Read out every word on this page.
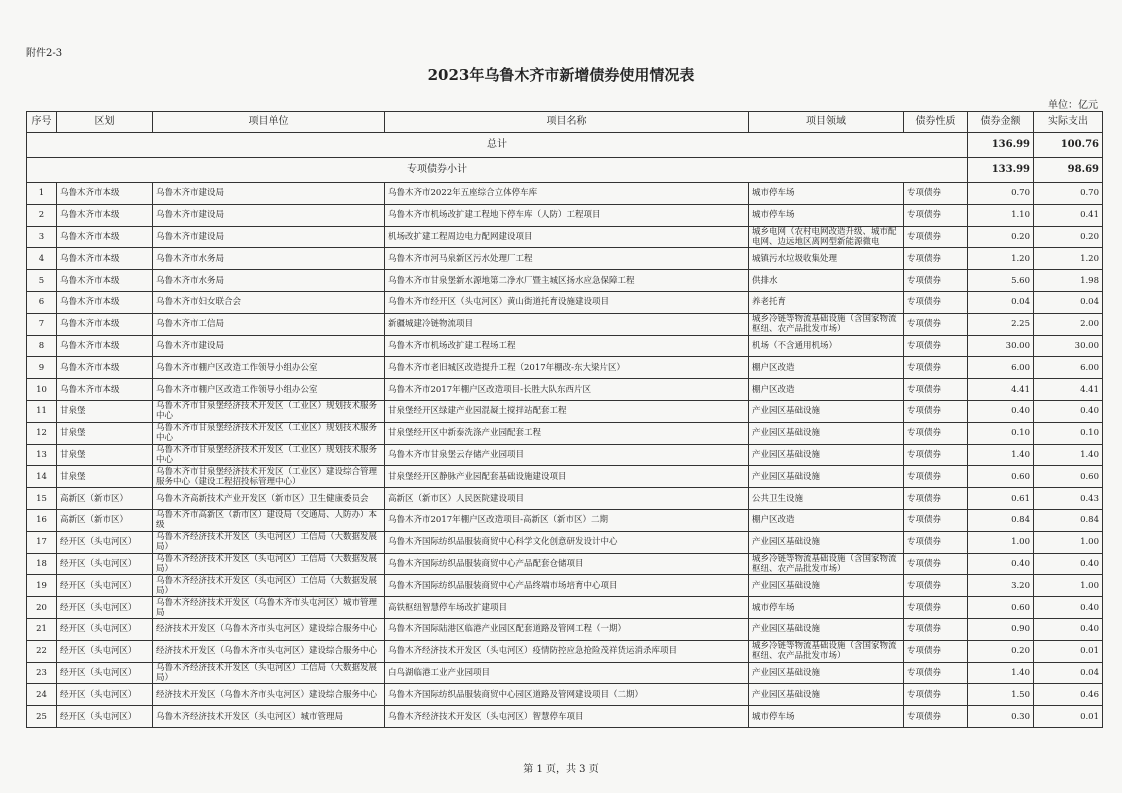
附件2-3
2023年乌鲁木齐市新增债券使用情况表
单位：亿元
序号	区划	项目单位	项目名称	项目领域	债券性质	债券金额	实际支出
总计						136.99	100.76
专项债券小计						133.99	98.69
1	乌鲁木齐市本级	乌鲁木齐市建设局	乌鲁木齐市2022年五座综合立体停车库	城市停车场	专项债券	0.70	0.70
2	乌鲁木齐市本级	乌鲁木齐市建设局	乌鲁木齐市机场改扩建工程地下停车库（人防）工程项目	城市停车场	专项债券	1.10	0.41
3	乌鲁木齐市本级	乌鲁木齐市建设局	机场改扩建工程周边电力配网建设项目	城乡电网（农村电网改造升级、城市配电网、边远地区离网型新能源微电	专项债券	0.20	0.20
4	乌鲁木齐市本级	乌鲁木齐市水务局	乌鲁木齐市河马泉新区污水处理厂工程	城镇污水垃圾收集处理	专项债券	1.20	1.20
5	乌鲁木齐市本级	乌鲁木齐市水务局	乌鲁木齐市甘泉堡新水源地第二净水厂暨主城区扬水应急保障工程	供排水	专项债券	5.60	1.98
6	乌鲁木齐市本级	乌鲁木齐市妇女联合会	乌鲁木齐市经开区（头屯河区）黄山街道托育设施建设项目	养老托育	专项债券	0.04	0.04
7	乌鲁木齐市本级	乌鲁木齐市工信局	新疆城建冷链物流项目	城乡冷链等物流基础设施（含国家物流枢纽、农产品批发市场）	专项债券	2.25	2.00
8	乌鲁木齐市本级	乌鲁木齐市建设局	乌鲁木齐市机场改扩建工程场工程	机场（不含通用机场）	专项债券	30.00	30.00
9	乌鲁木齐市本级	乌鲁木齐市棚户区改造工作领导小组办公室	乌鲁木齐市老旧城区改造提升工程（2017年棚改-东大梁片区）	棚户区改造	专项债券	6.00	6.00
10	乌鲁木齐市本级	乌鲁木齐市棚户区改造工作领导小组办公室	乌鲁木齐市2017年棚户区改造项目-长胜大队东西片区	棚户区改造	专项债券	4.41	4.41
11	甘泉堡	乌鲁木齐市甘泉堡经济技术开发区（工业区）规划技术服务中心	甘泉堡经开区绿建产业园混凝土搅拌站配套工程	产业园区基础设施	专项债券	0.40	0.40
12	甘泉堡	乌鲁木齐市甘泉堡经济技术开发区（工业区）规划技术服务中心	甘泉堡经开区中新泰洗涤产业园配套工程	产业园区基础设施	专项债券	0.10	0.10
13	甘泉堡	乌鲁木齐市甘泉堡经济技术开发区（工业区）规划技术服务中心	乌鲁木齐市甘泉堡云存储产业园项目	产业园区基础设施	专项债券	1.40	1.40
14	甘泉堡	乌鲁木齐市甘泉堡经济技术开发区（工业区）建设综合管理服务中心（建设工程招投标管理中心）	甘泉堡经开区静脉产业园配套基础设施建设项目	产业园区基础设施	专项债券	0.60	0.60
15	高新区（新市区）	乌鲁木齐高新技术产业开发区（新市区）卫生健康委员会	高新区（新市区）人民医院建设项目	公共卫生设施	专项债券	0.61	0.43
16	高新区（新市区）	乌鲁木齐市高新区（新市区）建设局（交通局、人防办）本级	乌鲁木齐市2017年棚户区改造项目-高新区（新市区）二期	棚户区改造	专项债券	0.84	0.84
17	经开区（头屯河区）	乌鲁木齐经济技术开发区（头屯河区）工信局（大数据发展局）	乌鲁木齐国际纺织品服装商贸中心科学文化创意研发设计中心	产业园区基础设施	专项债券	1.00	1.00
18	经开区（头屯河区）	乌鲁木齐经济技术开发区（头屯河区）工信局（大数据发展局）	乌鲁木齐国际纺织品服装商贸中心产品配套仓储项目	城乡冷链等物流基础设施（含国家物流枢纽、农产品批发市场）	专项债券	0.40	0.40
19	经开区（头屯河区）	乌鲁木齐经济技术开发区（头屯河区）工信局（大数据发展局）	乌鲁木齐国际纺织品服装商贸中心产品终端市场培育中心项目	产业园区基础设施	专项债券	3.20	1.00
20	经开区（头屯河区）	乌鲁木齐经济技术开发区（乌鲁木齐市头屯河区）城市管理局	高铁枢纽智慧停车场改扩建项目	城市停车场	专项债券	0.60	0.40
21	经开区（头屯河区）	经济技术开发区（乌鲁木齐市头屯河区）建设综合服务中心	乌鲁木齐国际陆港区临港产业园区配套道路及管网工程（一期）	产业园区基础设施	专项债券	0.90	0.40
22	经开区（头屯河区）	经济技术开发区（乌鲁木齐市头屯河区）建设综合服务中心	乌鲁木齐经济技术开发区（头屯河区）疫情防控应急抢险茂祥货运消杀库项目	城乡冷链等物流基础设施（含国家物流枢纽、农产品批发市场）	专项债券	0.20	0.01
23	经开区（头屯河区）	乌鲁木齐经济技术开发区（头屯河区）工信局（大数据发展局）	白鸟湖临港工业产业园项目	产业园区基础设施	专项债券	1.40	0.04
24	经开区（头屯河区）	经济技术开发区（乌鲁木齐市头屯河区）建设综合服务中心	乌鲁木齐国际纺织品服装商贸中心园区道路及管网建设项目（二期）	产业园区基础设施	专项债券	1.50	0.46
25	经开区（头屯河区）	乌鲁木齐经济技术开发区（头屯河区）城市管理局	乌鲁木齐经济技术开发区（头屯河区）智慧停车项目	城市停车场	专项债券	0.30	0.01
第 1 页，共 3 页
